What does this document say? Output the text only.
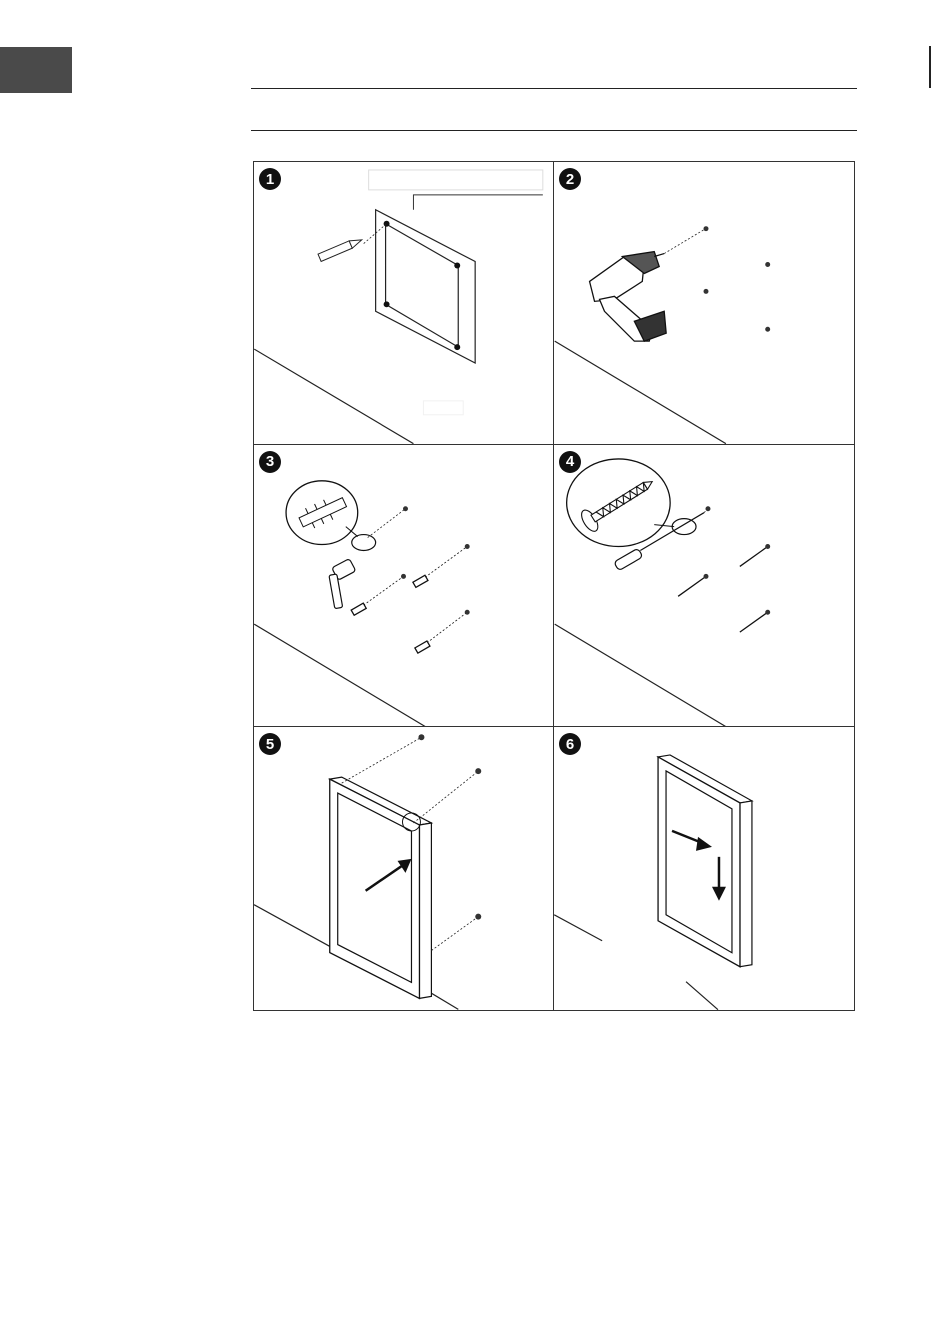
1	2
3	4
5	6
